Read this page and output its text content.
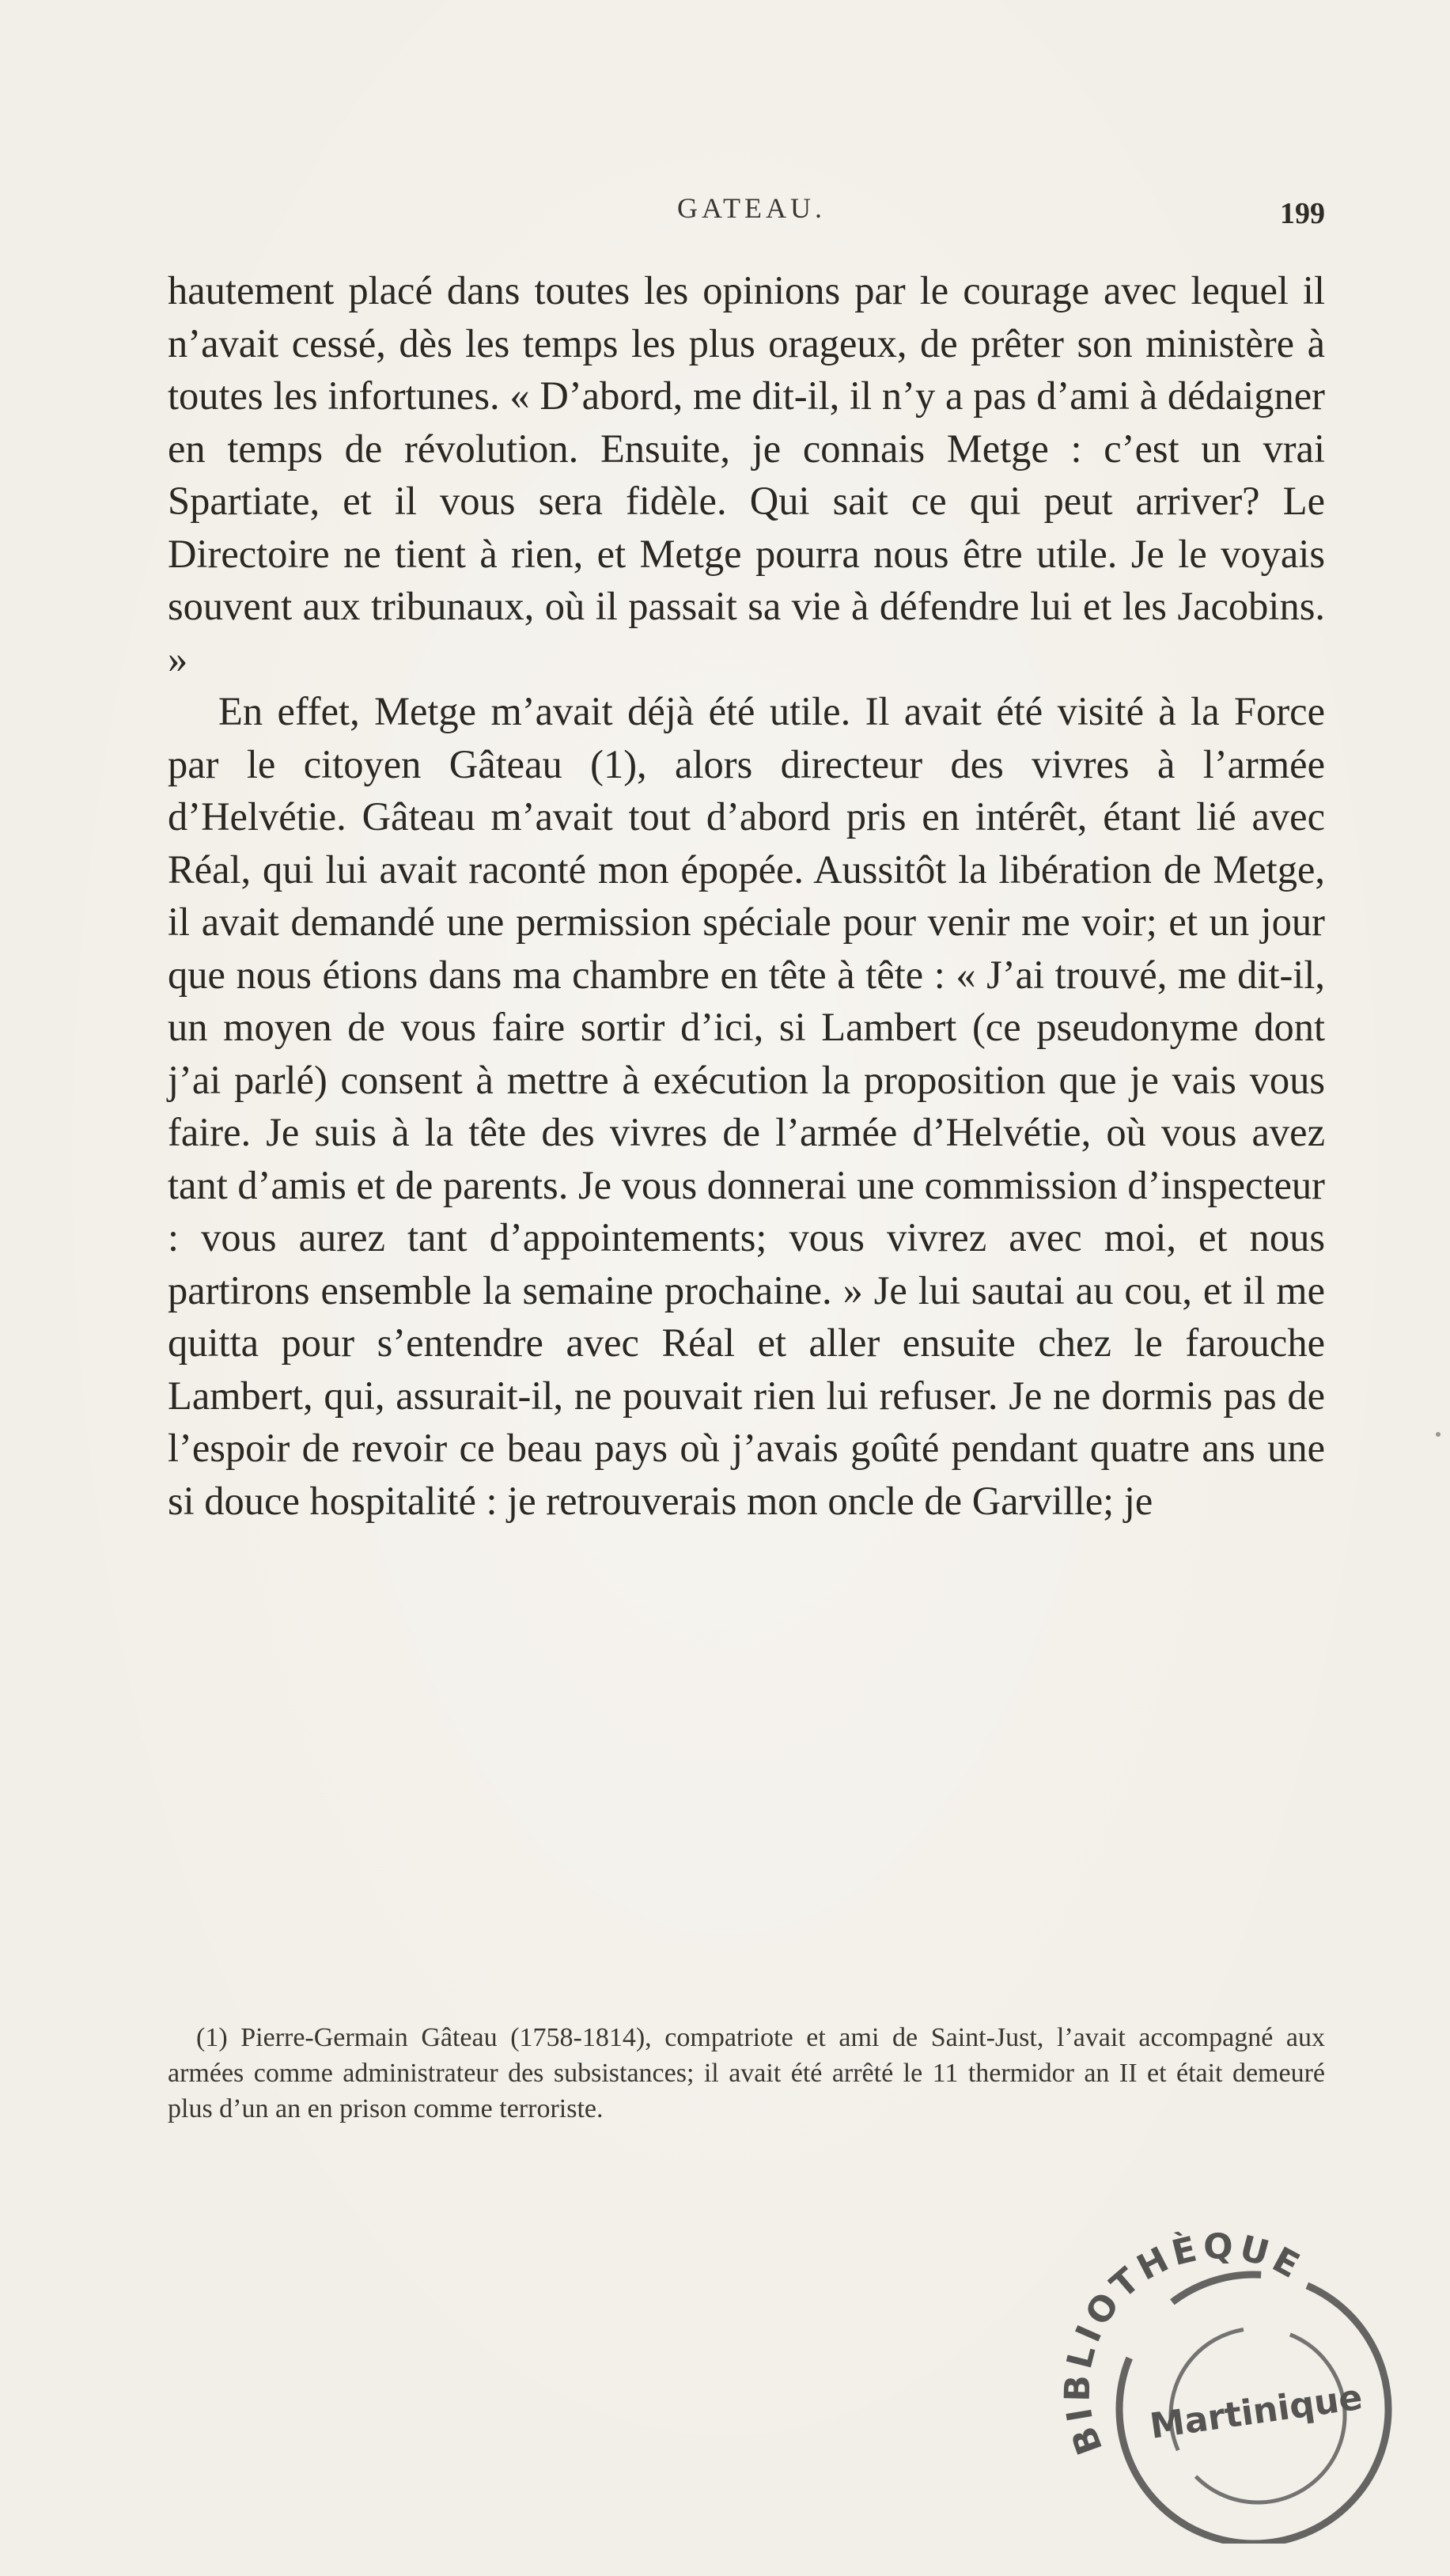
GATEAU.	199

hautement placé dans toutes les opinions par le courage avec lequel il n’avait cessé, dès les temps les plus orageux, de prêter son ministère à toutes les infortunes. « D’abord, me dit-il, il n’y a pas d’ami à dédaigner en temps de révolution. Ensuite, je connais Metge : c’est un vrai Spartiate, et il vous sera fidèle. Qui sait ce qui peut arriver? Le Directoire ne tient à rien, et Metge pourra nous être utile. Je le voyais souvent aux tribunaux, où il passait sa vie à défendre lui et les Jacobins. »

En effet, Metge m’avait déjà été utile. Il avait été visité à la Force par le citoyen Gâteau (1), alors directeur des vivres à l’armée d’Helvétie. Gâteau m’avait tout d’abord pris en intérêt, étant lié avec Réal, qui lui avait raconté mon épopée. Aussitôt la libération de Metge, il avait demandé une permission spéciale pour venir me voir; et un jour que nous étions dans ma chambre en tête à tête : « J’ai trouvé, me dit-il, un moyen de vous faire sortir d’ici, si Lambert (ce pseudonyme dont j’ai parlé) consent à mettre à exécution la proposition que je vais vous faire. Je suis à la tête des vivres de l’armée d’Helvétie, où vous avez tant d’amis et de parents. Je vous donnerai une commission d’inspecteur : vous aurez tant d’appointements; vous vivrez avec moi, et nous partirons ensemble la semaine prochaine. » Je lui sautai au cou, et il me quitta pour s’entendre avec Réal et aller ensuite chez le farouche Lambert, qui, assurait-il, ne pouvait rien lui refuser. Je ne dormis pas de l’espoir de revoir ce beau pays où j’avais goûté pendant quatre ans une si douce hospitalité : je retrouverais mon oncle de Garville; je

(1) Pierre-Germain Gâteau (1758-1814), compatriote et ami de Saint-Just, l’avait accompagné aux armées comme administrateur des subsistances; il avait été arrêté le 11 thermidor an II et était demeuré plus d’un an en prison comme terroriste.

BIBLIOTHÈQUE
Martinique
